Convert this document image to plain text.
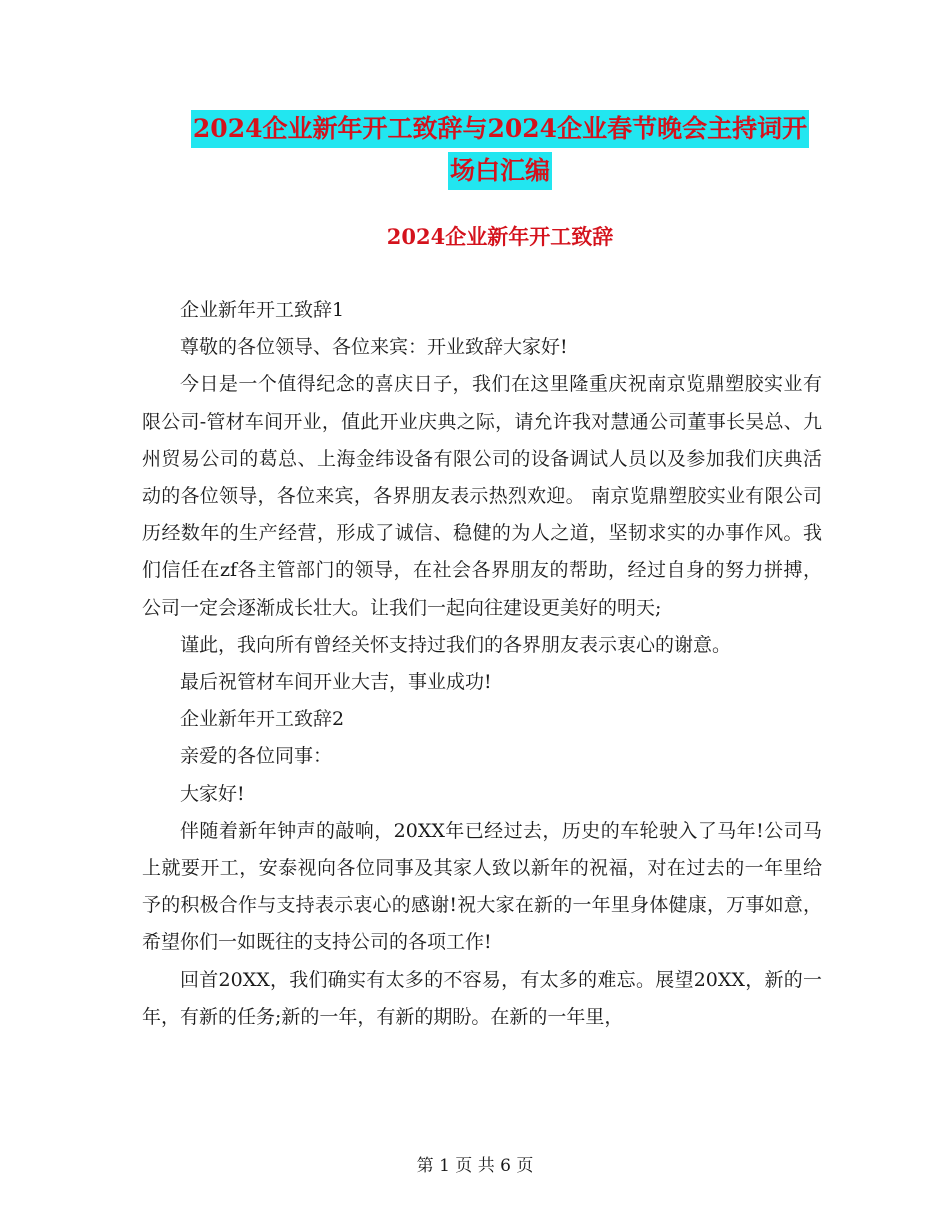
2024企业新年开工致辞与2024企业春节晚会主持词开
场白汇编
2024企业新年开工致辞

企业新年开工致辞1

尊敬的各位领导、各位来宾：开业致辞大家好!

今日是一个值得纪念的喜庆日子，我们在这里隆重庆祝南京览鼎塑胶实业有限公司-管材车间开业，值此开业庆典之际，请允许我对慧通公司董事长吴总、九州贸易公司的葛总、上海金纬设备有限公司的设备调试人员以及参加我们庆典活动的各位领导，各位来宾，各界朋友表示热烈欢迎。 南京览鼎塑胶实业有限公司历经数年的生产经营，形成了诚信、稳健的为人之道，坚韧求实的办事作风。我们信任在zf各主管部门的领导，在社会各界朋友的帮助，经过自身的努力拼搏，公司一定会逐渐成长壮大。让我们一起向往建设更美好的明天;

谨此，我向所有曾经关怀支持过我们的各界朋友表示衷心的谢意。

最后祝管材车间开业大吉，事业成功!

企业新年开工致辞2

亲爱的各位同事：

大家好!

伴随着新年钟声的敲响，20XX年已经过去，历史的车轮驶入了马年!公司马上就要开工，安泰视向各位同事及其家人致以新年的祝福，对在过去的一年里给予的积极合作与支持表示衷心的感谢!祝大家在新的一年里身体健康，万事如意，希望你们一如既往的支持公司的各项工作!

回首20XX，我们确实有太多的不容易，有太多的难忘。展望20XX，新的一年，有新的任务;新的一年，有新的期盼。在新的一年里，

第 1 页 共 6 页
